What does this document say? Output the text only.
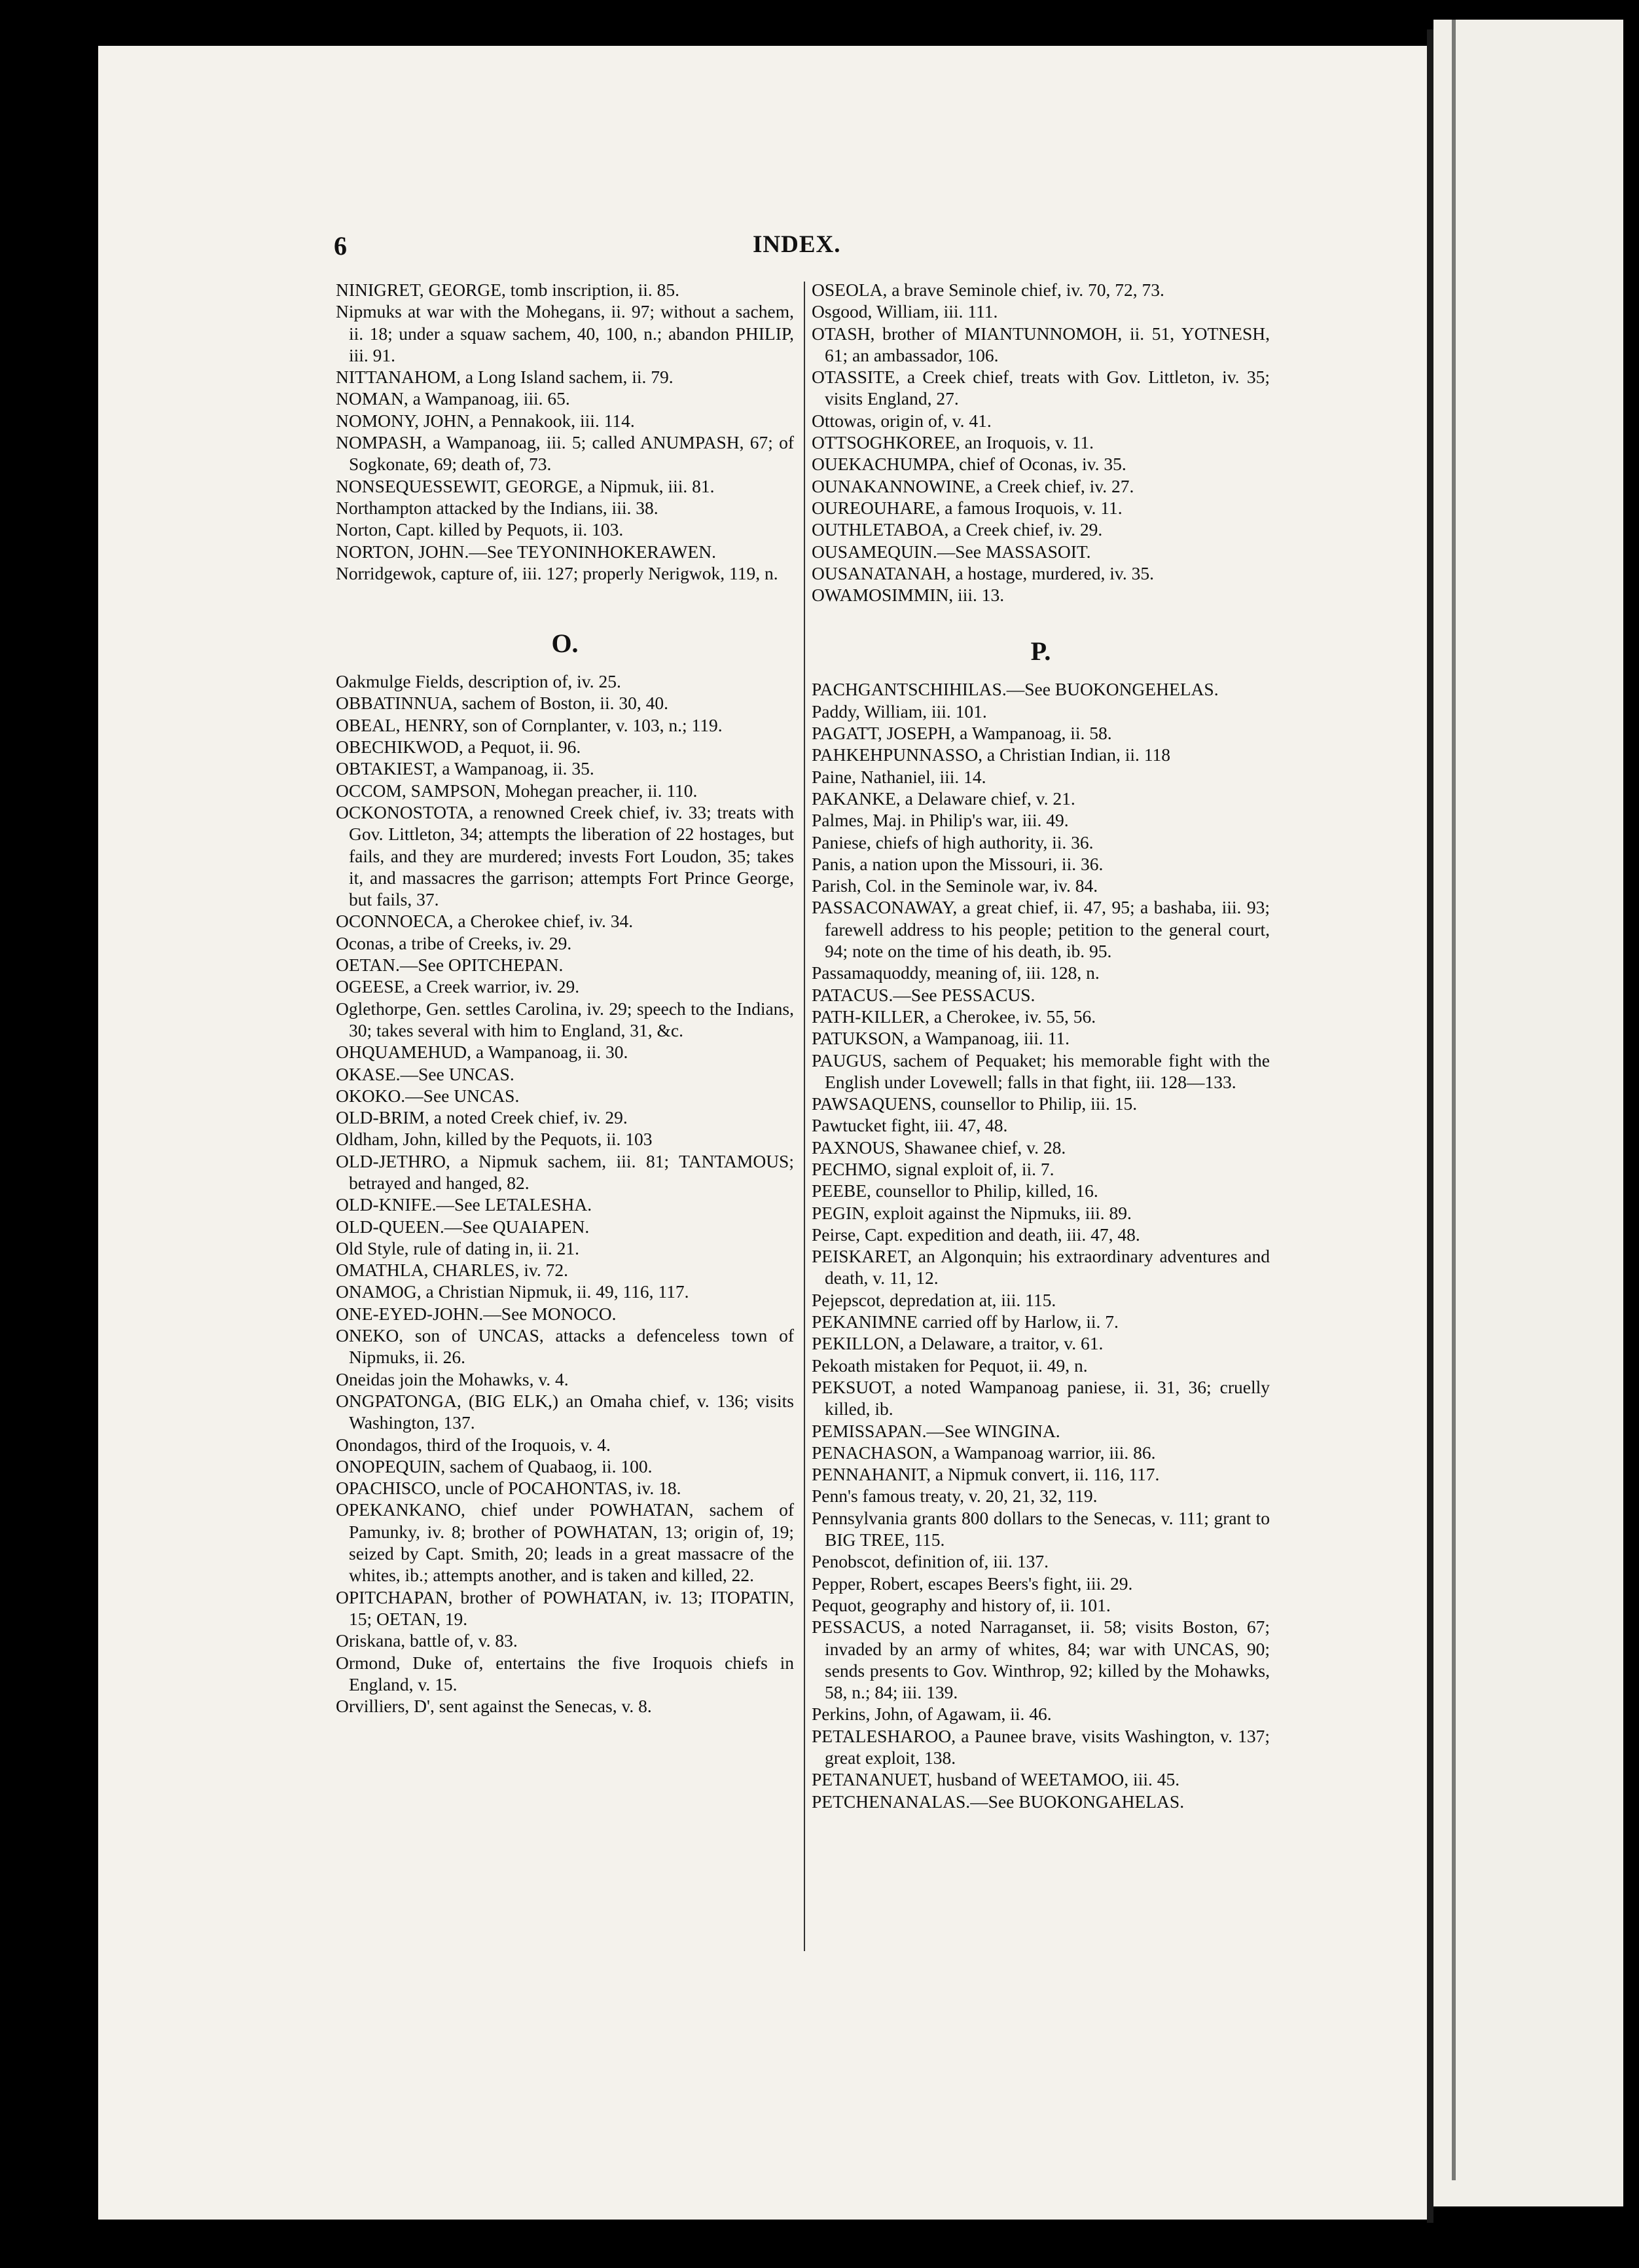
6	INDEX.

NINIGRET, GEORGE, tomb inscription, ii. 85.

Nipmuks at war with the Mohegans, ii. 97; without a sachem, ii. 18; under a squaw sachem, 40, 100, n.; abandon PHILIP, iii. 91.

NITTANAHOM, a Long Island sachem, ii. 79.

NOMAN, a Wampanoag, iii. 65.

NOMONY, JOHN, a Pennakook, iii. 114.

NOMPASH, a Wampanoag, iii. 5; called ANUMPASH, 67; of Sogkonate, 69; death of, 73.

NONSEQUESSEWIT, GEORGE, a Nipmuk, iii. 81.

Northampton attacked by the Indians, iii. 38.

Norton, Capt. killed by Pequots, ii. 103.

NORTON, JOHN.—See TEYONINHOKERAWEN.

Norridgewok, capture of, iii. 127; properly Nerigwok, 119, n.

O.

Oakmulge Fields, description of, iv. 25.

OBBATINNUA, sachem of Boston, ii. 30, 40.

OBEAL, HENRY, son of Cornplanter, v. 103, n.; 119.

OBECHIKWOD, a Pequot, ii. 96.

OBTAKIEST, a Wampanoag, ii. 35.

OCCOM, SAMPSON, Mohegan preacher, ii. 110.

OCKONOSTOTA, a renowned Creek chief, iv. 33; treats with Gov. Littleton, 34; attempts the liberation of 22 hostages, but fails, and they are murdered; invests Fort Loudon, 35; takes it, and massacres the garrison; attempts Fort Prince George, but fails, 37.

OCONNOECA, a Cherokee chief, iv. 34.

Oconas, a tribe of Creeks, iv. 29.

OETAN.—See OPITCHEPAN.

OGEESE, a Creek warrior, iv. 29.

Oglethorpe, Gen. settles Carolina, iv. 29; speech to the Indians, 30; takes several with him to England, 31, &c.

OHQUAMEHUD, a Wampanoag, ii. 30.

OKASE.—See UNCAS.

OKOKO.—See UNCAS.

OLD-BRIM, a noted Creek chief, iv. 29.

Oldham, John, killed by the Pequots, ii. 103

OLD-JETHRO, a Nipmuk sachem, iii. 81; TANTAMOUS; betrayed and hanged, 82.

OLD-KNIFE.—See LETALESHA.

OLD-QUEEN.—See QUAIAPEN.

Old Style, rule of dating in, ii. 21.

OMATHLA, CHARLES, iv. 72.

ONAMOG, a Christian Nipmuk, ii. 49, 116, 117.

ONE-EYED-JOHN.—See MONOCO.

ONEKO, son of UNCAS, attacks a defenceless town of Nipmuks, ii. 26.

Oneidas join the Mohawks, v. 4.

ONGPATONGA, (BIG ELK,) an Omaha chief, v. 136; visits Washington, 137.

Onondagos, third of the Iroquois, v. 4.

ONOPEQUIN, sachem of Quabaog, ii. 100.

OPACHISCO, uncle of POCAHONTAS, iv. 18.

OPEKANKANO, chief under POWHATAN, sachem of Pamunky, iv. 8; brother of POWHATAN, 13; origin of, 19; seized by Capt. Smith, 20; leads in a great massacre of the whites, ib.; attempts another, and is taken and killed, 22.

OPITCHAPAN, brother of POWHATAN, iv. 13; ITOPATIN, 15; OETAN, 19.

Oriskana, battle of, v. 83.

Ormond, Duke of, entertains the five Iroquois chiefs in England, v. 15.

Orvilliers, D', sent against the Senecas, v. 8.

OSEOLA, a brave Seminole chief, iv. 70, 72, 73.

Osgood, William, iii. 111.

OTASH, brother of MIANTUNNOMOH, ii. 51, YOTNESH, 61; an ambassador, 106.

OTASSITE, a Creek chief, treats with Gov. Littleton, iv. 35; visits England, 27.

Ottowas, origin of, v. 41.

OTTSOGHKOREE, an Iroquois, v. 11.

OUEKACHUMPA, chief of Oconas, iv. 35.

OUNAKANNOWINE, a Creek chief, iv. 27.

OUREOUHARE, a famous Iroquois, v. 11.

OUTHLETABOA, a Creek chief, iv. 29.

OUSAMEQUIN.—See MASSASOIT.

OUSANATANAH, a hostage, murdered, iv. 35.

OWAMOSIMMIN, iii. 13.

P.

PACHGANTSCHIHILAS.—See BUOKONGEHELAS.

Paddy, William, iii. 101.

PAGATT, JOSEPH, a Wampanoag, ii. 58.

PAHKEHPUNNASSO, a Christian Indian, ii. 118

Paine, Nathaniel, iii. 14.

PAKANKE, a Delaware chief, v. 21.

Palmes, Maj. in Philip's war, iii. 49.

Paniese, chiefs of high authority, ii. 36.

Panis, a nation upon the Missouri, ii. 36.

Parish, Col. in the Seminole war, iv. 84.

PASSACONAWAY, a great chief, ii. 47, 95; a bashaba, iii. 93; farewell address to his people; petition to the general court, 94; note on the time of his death, ib. 95.

Passamaquoddy, meaning of, iii. 128, n.

PATACUS.—See PESSACUS.

PATH-KILLER, a Cherokee, iv. 55, 56.

PATUKSON, a Wampanoag, iii. 11.

PAUGUS, sachem of Pequaket; his memorable fight with the English under Lovewell; falls in that fight, iii. 128—133.

PAWSAQUENS, counsellor to Philip, iii. 15.

Pawtucket fight, iii. 47, 48.

PAXNOUS, Shawanee chief, v. 28.

PECHMO, signal exploit of, ii. 7.

PEEBE, counsellor to Philip, killed, 16.

PEGIN, exploit against the Nipmuks, iii. 89.

Peirse, Capt. expedition and death, iii. 47, 48.

PEISKARET, an Algonquin; his extraordinary adventures and death, v. 11, 12.

Pejepscot, depredation at, iii. 115.

PEKANIMNE carried off by Harlow, ii. 7.

PEKILLON, a Delaware, a traitor, v. 61.

Pekoath mistaken for Pequot, ii. 49, n.

PEKSUOT, a noted Wampanoag paniese, ii. 31, 36; cruelly killed, ib.

PEMISSAPAN.—See WINGINA.

PENACHASON, a Wampanoag warrior, iii. 86.

PENNAHANIT, a Nipmuk convert, ii. 116, 117.

Penn's famous treaty, v. 20, 21, 32, 119.

Pennsylvania grants 800 dollars to the Senecas, v. 111; grant to BIG TREE, 115.

Penobscot, definition of, iii. 137.

Pepper, Robert, escapes Beers's fight, iii. 29.

Pequot, geography and history of, ii. 101.

PESSACUS, a noted Narraganset, ii. 58; visits Boston, 67; invaded by an army of whites, 84; war with UNCAS, 90; sends presents to Gov. Winthrop, 92; killed by the Mohawks, 58, n.; 84; iii. 139.

Perkins, John, of Agawam, ii. 46.

PETALESHAROO, a Paunee brave, visits Washington, v. 137; great exploit, 138.

PETANANUET, husband of WEETAMOO, iii. 45.

PETCHENANALAS.—See BUOKONGAHELAS.
